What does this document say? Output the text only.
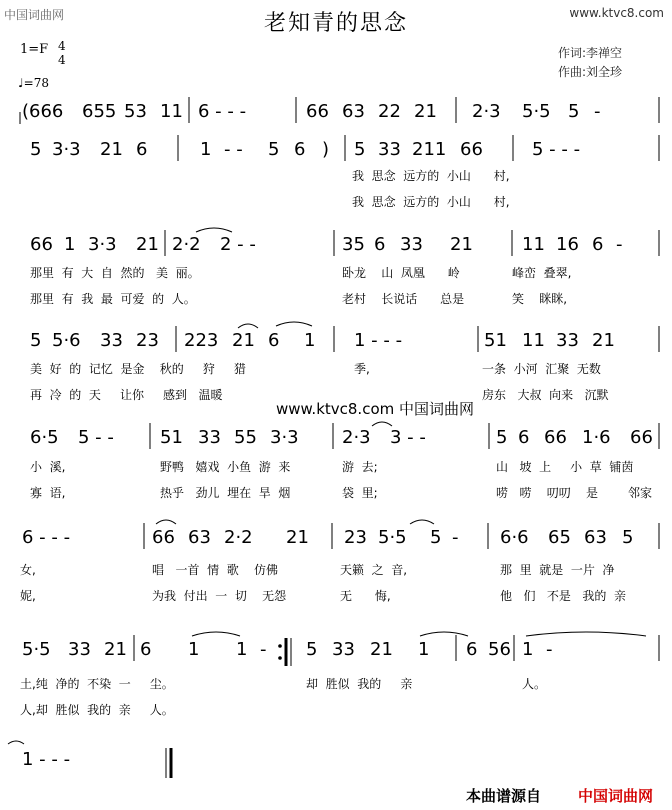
中国词曲网	www.ktvc8.com
老知青的思念
1=F 4
4
♩=78
作词:李禅空
作曲:刘全珍
(666 655 53 11 6 - - -	66 63 22 21 2·3 5·5 5 -
5 3·3 21 6	1 - - 5 6 ) 5 33 211 66	5 - - -
66 1 3·3 21 2·2 2 - -	35 6 33 21	11 16 6 -
5 5·6 33 23 223 21 6 1 1 - - -	51 11 33 21
6·5 5 - -	51 33 55 3·3 2·3 3 - -	5 6 66 1·6 66
6 - - -	66 63 2·2 21 23 5·5 5 - 6·6 65 63 5
5·5 33 21 6 1 1 - 5 33 21 1 6 56 1 -
1 - - -
我  思念  远方的  小山      村,
我  思念  远方的  小山      村,
那里  有  大  自  然的   美  丽。	卧龙    山  凤凰      岭	峰峦  叠翠,
那里  有  我  最  可爱  的  人。	老村    长说话      总是	笑    眯眯,
美  好  的  记忆  是金    秋的     狩     猎	季,	一条  小河  汇聚  无数
再  冷  的  天     让你     感到   温暖	房东   大叔  向来   沉默
小  溪,	野鸭   嬉戏  小鱼  游  来	游  去;	山   坡  上     小  草  铺茵
寡  语,	热乎   劲儿  埋在  旱  烟	袋  里;	唠   唠    叨叨    是	邻家
女,	唱   一首  情  歌    仿佛	天籁  之  音,	那  里  就是  一片  净
妮,	为我  付出  一  切    无怨	无      悔,	他   们   不是   我的  亲
土,纯  净的  不染  一     尘。	却  胜似  我的     亲	人。
人,却  胜似  我的  亲     人。
www.ktvc8.com 中国词曲网
本曲谱源自 中国词曲网
